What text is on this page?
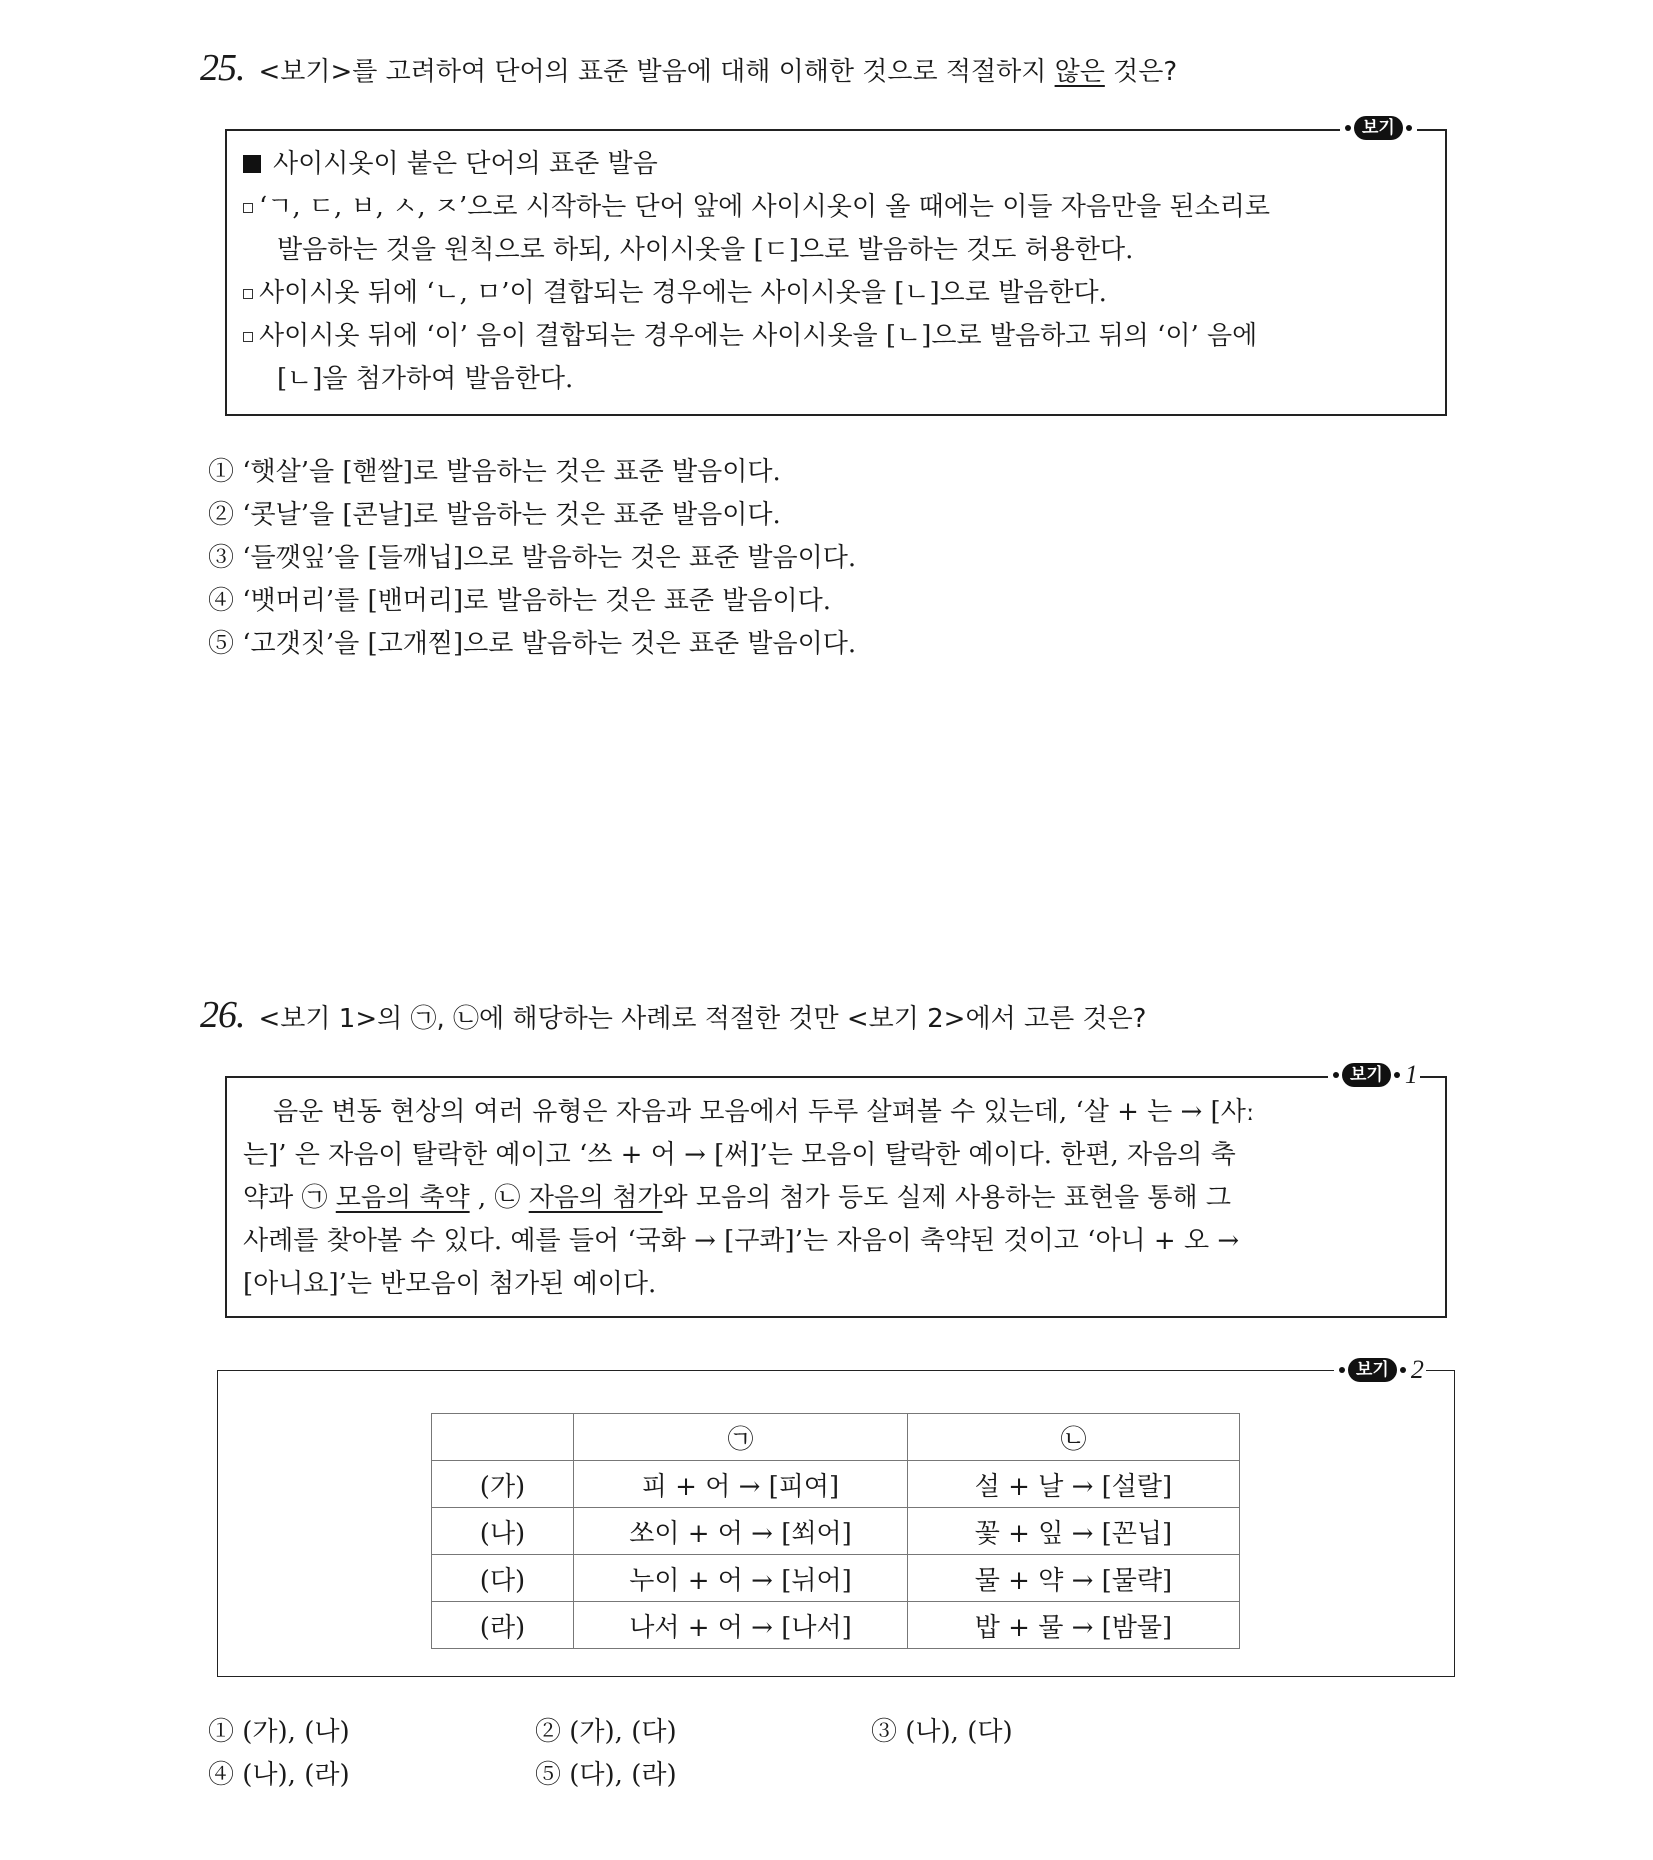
25. <보기>를 고려하여 단어의 표준 발음에 대해 이해한 것으로 적절하지 않은 것은?
보기

사이시옷이 붙은 단어의 표준 발음

‘ㄱ, ㄷ, ㅂ, ㅅ, ㅈ’으로 시작하는 단어 앞에 사이시옷이 올 때에는 이들 자음만을 된소리로

발음하는 것을 원칙으로 하되, 사이시옷을 [ㄷ]으로 발음하는 것도 허용한다.

사이시옷 뒤에 ‘ㄴ, ㅁ’이 결합되는 경우에는 사이시옷을 [ㄴ]으로 발음한다.

사이시옷 뒤에 ‘이’ 음이 결합되는 경우에는 사이시옷을 [ㄴ]으로 발음하고 뒤의 ‘이’ 음에

[ㄴ]을 첨가하여 발음한다.

① ‘햇살’을 [핻쌀]로 발음하는 것은 표준 발음이다.
② ‘콧날’을 [콘날]로 발음하는 것은 표준 발음이다.
③ ‘들깻잎’을 [들깨닙]으로 발음하는 것은 표준 발음이다.
④ ‘뱃머리’를 [밴머리]로 발음하는 것은 표준 발음이다.
⑤ ‘고갯짓’을 [고개찓]으로 발음하는 것은 표준 발음이다.
26. <보기 1>의 ㉠, ㉡에 해당하는 사례로 적절한 것만 <보기 2>에서 고른 것은?
보기 1

음운 변동 현상의 여러 유형은 자음과 모음에서 두루 살펴볼 수 있는데, ‘살 + 는 → [사ː

는]’ 은 자음이 탈락한 예이고 ‘쓰 + 어 → [써]’는 모음이 탈락한 예이다. 한편, 자음의 축

약과 ㉠ 모음의 축약 , ㉡ 자음의 첨가와 모음의 첨가 등도 실제 사용하는 표현을 통해 그

사례를 찾아볼 수 있다. 예를 들어 ‘국화 → [구콰]’는 자음이 축약된 것이고 ‘아니 + 오 →

[아니요]’는 반모음이 첨가된 예이다.

보기 2
	㉠	㉡
(가)	피 + 어 → [피여]	설 + 날 → [설랄]
(나)	쏘이 + 어 → [쐬어]	꽃 + 잎 → [꼰닙]
(다)	누이 + 어 → [뉘어]	물 + 약 → [물략]
(라)	나서 + 어 → [나서]	밥 + 물 → [밤물]
① (가), (나)	② (가), (다)	③ (나), (다)
④ (나), (라)	⑤ (다), (라)
